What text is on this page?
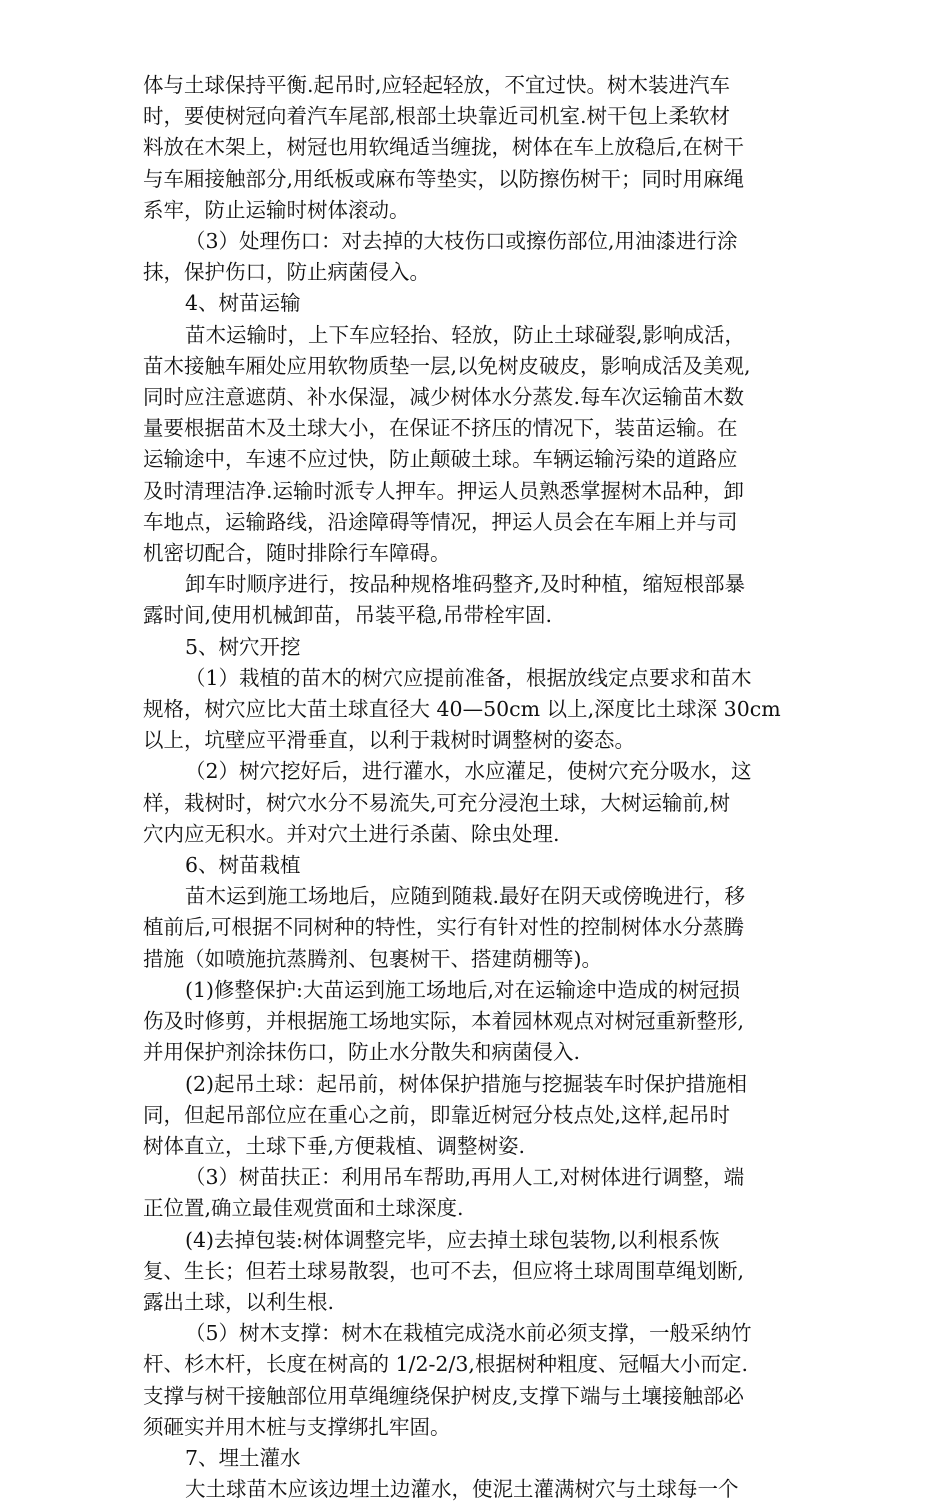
体与土球保持平衡.起吊时,应轻起轻放，不宜过快。树木装进汽车
时，要使树冠向着汽车尾部,根部土块靠近司机室.树干包上柔软材
料放在木架上，树冠也用软绳适当缠拢，树体在车上放稳后,在树干
与车厢接触部分,用纸板或麻布等垫实，以防擦伤树干；同时用麻绳
系牢，防止运输时树体滚动。
（3）处理伤口：对去掉的大枝伤口或擦伤部位,用油漆进行涂
抹，保护伤口，防止病菌侵入。
4、树苗运输
苗木运输时，上下车应轻抬、轻放，防止土球碰裂,影响成活，
苗木接触车厢处应用软物质垫一层,以免树皮破皮，影响成活及美观,
同时应注意遮荫、补水保湿，减少树体水分蒸发.每车次运输苗木数
量要根据苗木及土球大小，在保证不挤压的情况下，装苗运输。在
运输途中，车速不应过快，防止颠破土球。车辆运输污染的道路应
及时清理洁净.运输时派专人押车。押运人员熟悉掌握树木品种，卸
车地点，运输路线，沿途障碍等情况，押运人员会在车厢上并与司
机密切配合，随时排除行车障碍。
卸车时顺序进行，按品种规格堆码整齐,及时种植，缩短根部暴
露时间,使用机械卸苗，吊装平稳,吊带栓牢固.
5、树穴开挖
（1）栽植的苗木的树穴应提前准备，根据放线定点要求和苗木
规格，树穴应比大苗土球直径大 40—50cm 以上,深度比土球深 30cm
以上，坑壁应平滑垂直，以利于栽树时调整树的姿态。
（2）树穴挖好后，进行灌水，水应灌足，使树穴充分吸水，这
样，栽树时，树穴水分不易流失,可充分浸泡土球，大树运输前,树
穴内应无积水。并对穴土进行杀菌、除虫处理.
6、树苗栽植
苗木运到施工场地后，应随到随栽.最好在阴天或傍晚进行，移
植前后,可根据不同树种的特性，实行有针对性的控制树体水分蒸腾
措施（如喷施抗蒸腾剂、包裹树干、搭建荫棚等)。
(1)修整保护:大苗运到施工场地后,对在运输途中造成的树冠损
伤及时修剪，并根据施工场地实际，本着园林观点对树冠重新整形,
并用保护剂涂抹伤口，防止水分散失和病菌侵入.
(2)起吊土球：起吊前，树体保护措施与挖掘装车时保护措施相
同，但起吊部位应在重心之前，即靠近树冠分枝点处,这样,起吊时
树体直立，土球下垂,方便栽植、调整树姿.
（3）树苗扶正：利用吊车帮助,再用人工,对树体进行调整，端
正位置,确立最佳观赏面和土球深度.
(4)去掉包装:树体调整完毕，应去掉土球包装物,以利根系恢
复、生长；但若土球易散裂，也可不去，但应将土球周围草绳划断,
露出土球，以利生根.
（5）树木支撑：树木在栽植完成浇水前必须支撑，一般采纳竹
杆、杉木杆，长度在树高的 1/2-2/3,根据树种粗度、冠幅大小而定.
支撑与树干接触部位用草绳缠绕保护树皮,支撑下端与土壤接触部必
须砸实并用木桩与支撑绑扎牢固。
7、埋土灌水
大土球苗木应该边埋土边灌水，使泥土灌满树穴与土球每一个
